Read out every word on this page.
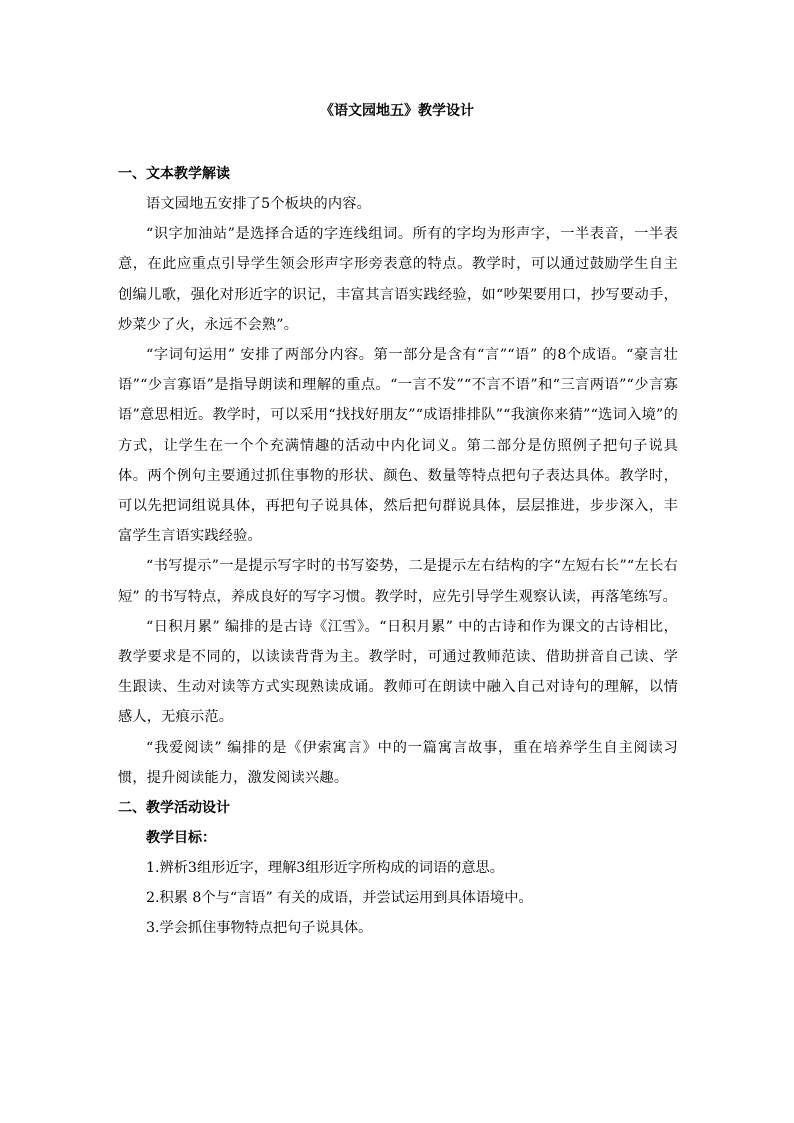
《语文园地五》教学设计

一、文本教学解读

语文园地五安排了5个板块的内容。

“识字加油站”是选择合适的字连线组词。所有的字均为形声字，一半表音，一半表意，在此应重点引导学生领会形声字形旁表意的特点。教学时，可以通过鼓励学生自主创编儿歌，强化对形近字的识记，丰富其言语实践经验，如“吵架要用口，抄写要动手，炒菜少了火，永远不会熟”。

“字词句运用” 安排了两部分内容。第一部分是含有“言”“语” 的8个成语。“豪言壮语”“少言寡语”是指导朗读和理解的重点。“一言不发”“不言不语”和“三言两语”“少言寡语”意思相近。教学时，可以采用“找找好朋友”“成语排排队”“我演你来猜”“选词入境”的方式，让学生在一个个充满情趣的活动中内化词义。第二部分是仿照例子把句子说具体。两个例句主要通过抓住事物的形状、颜色、数量等特点把句子表达具体。教学时，可以先把词组说具体，再把句子说具体，然后把句群说具体，层层推进，步步深入，丰富学生言语实践经验。

“书写提示”一是提示写字时的书写姿势，二是提示左右结构的字“左短右长”“左长右短” 的书写特点，养成良好的写字习惯。教学时，应先引导学生观察认读，再落笔练写。

“日积月累” 编排的是古诗《江雪》。“日积月累” 中的古诗和作为课文的古诗相比，教学要求是不同的，以读读背背为主。教学时，可通过教师范读、借助拼音自己读、学生跟读、生动对读等方式实现熟读成诵。教师可在朗读中融入自己对诗句的理解，以情感人，无痕示范。

“我爱阅读” 编排的是《伊索寓言》中的一篇寓言故事，重在培养学生自主阅读习惯，提升阅读能力，激发阅读兴趣。

二、教学活动设计

教学目标：

1.辨析3组形近字，理解3组形近字所构成的词语的意思。

2.积累 8个与“言语” 有关的成语，并尝试运用到具体语境中。

3.学会抓住事物特点把句子说具体。
